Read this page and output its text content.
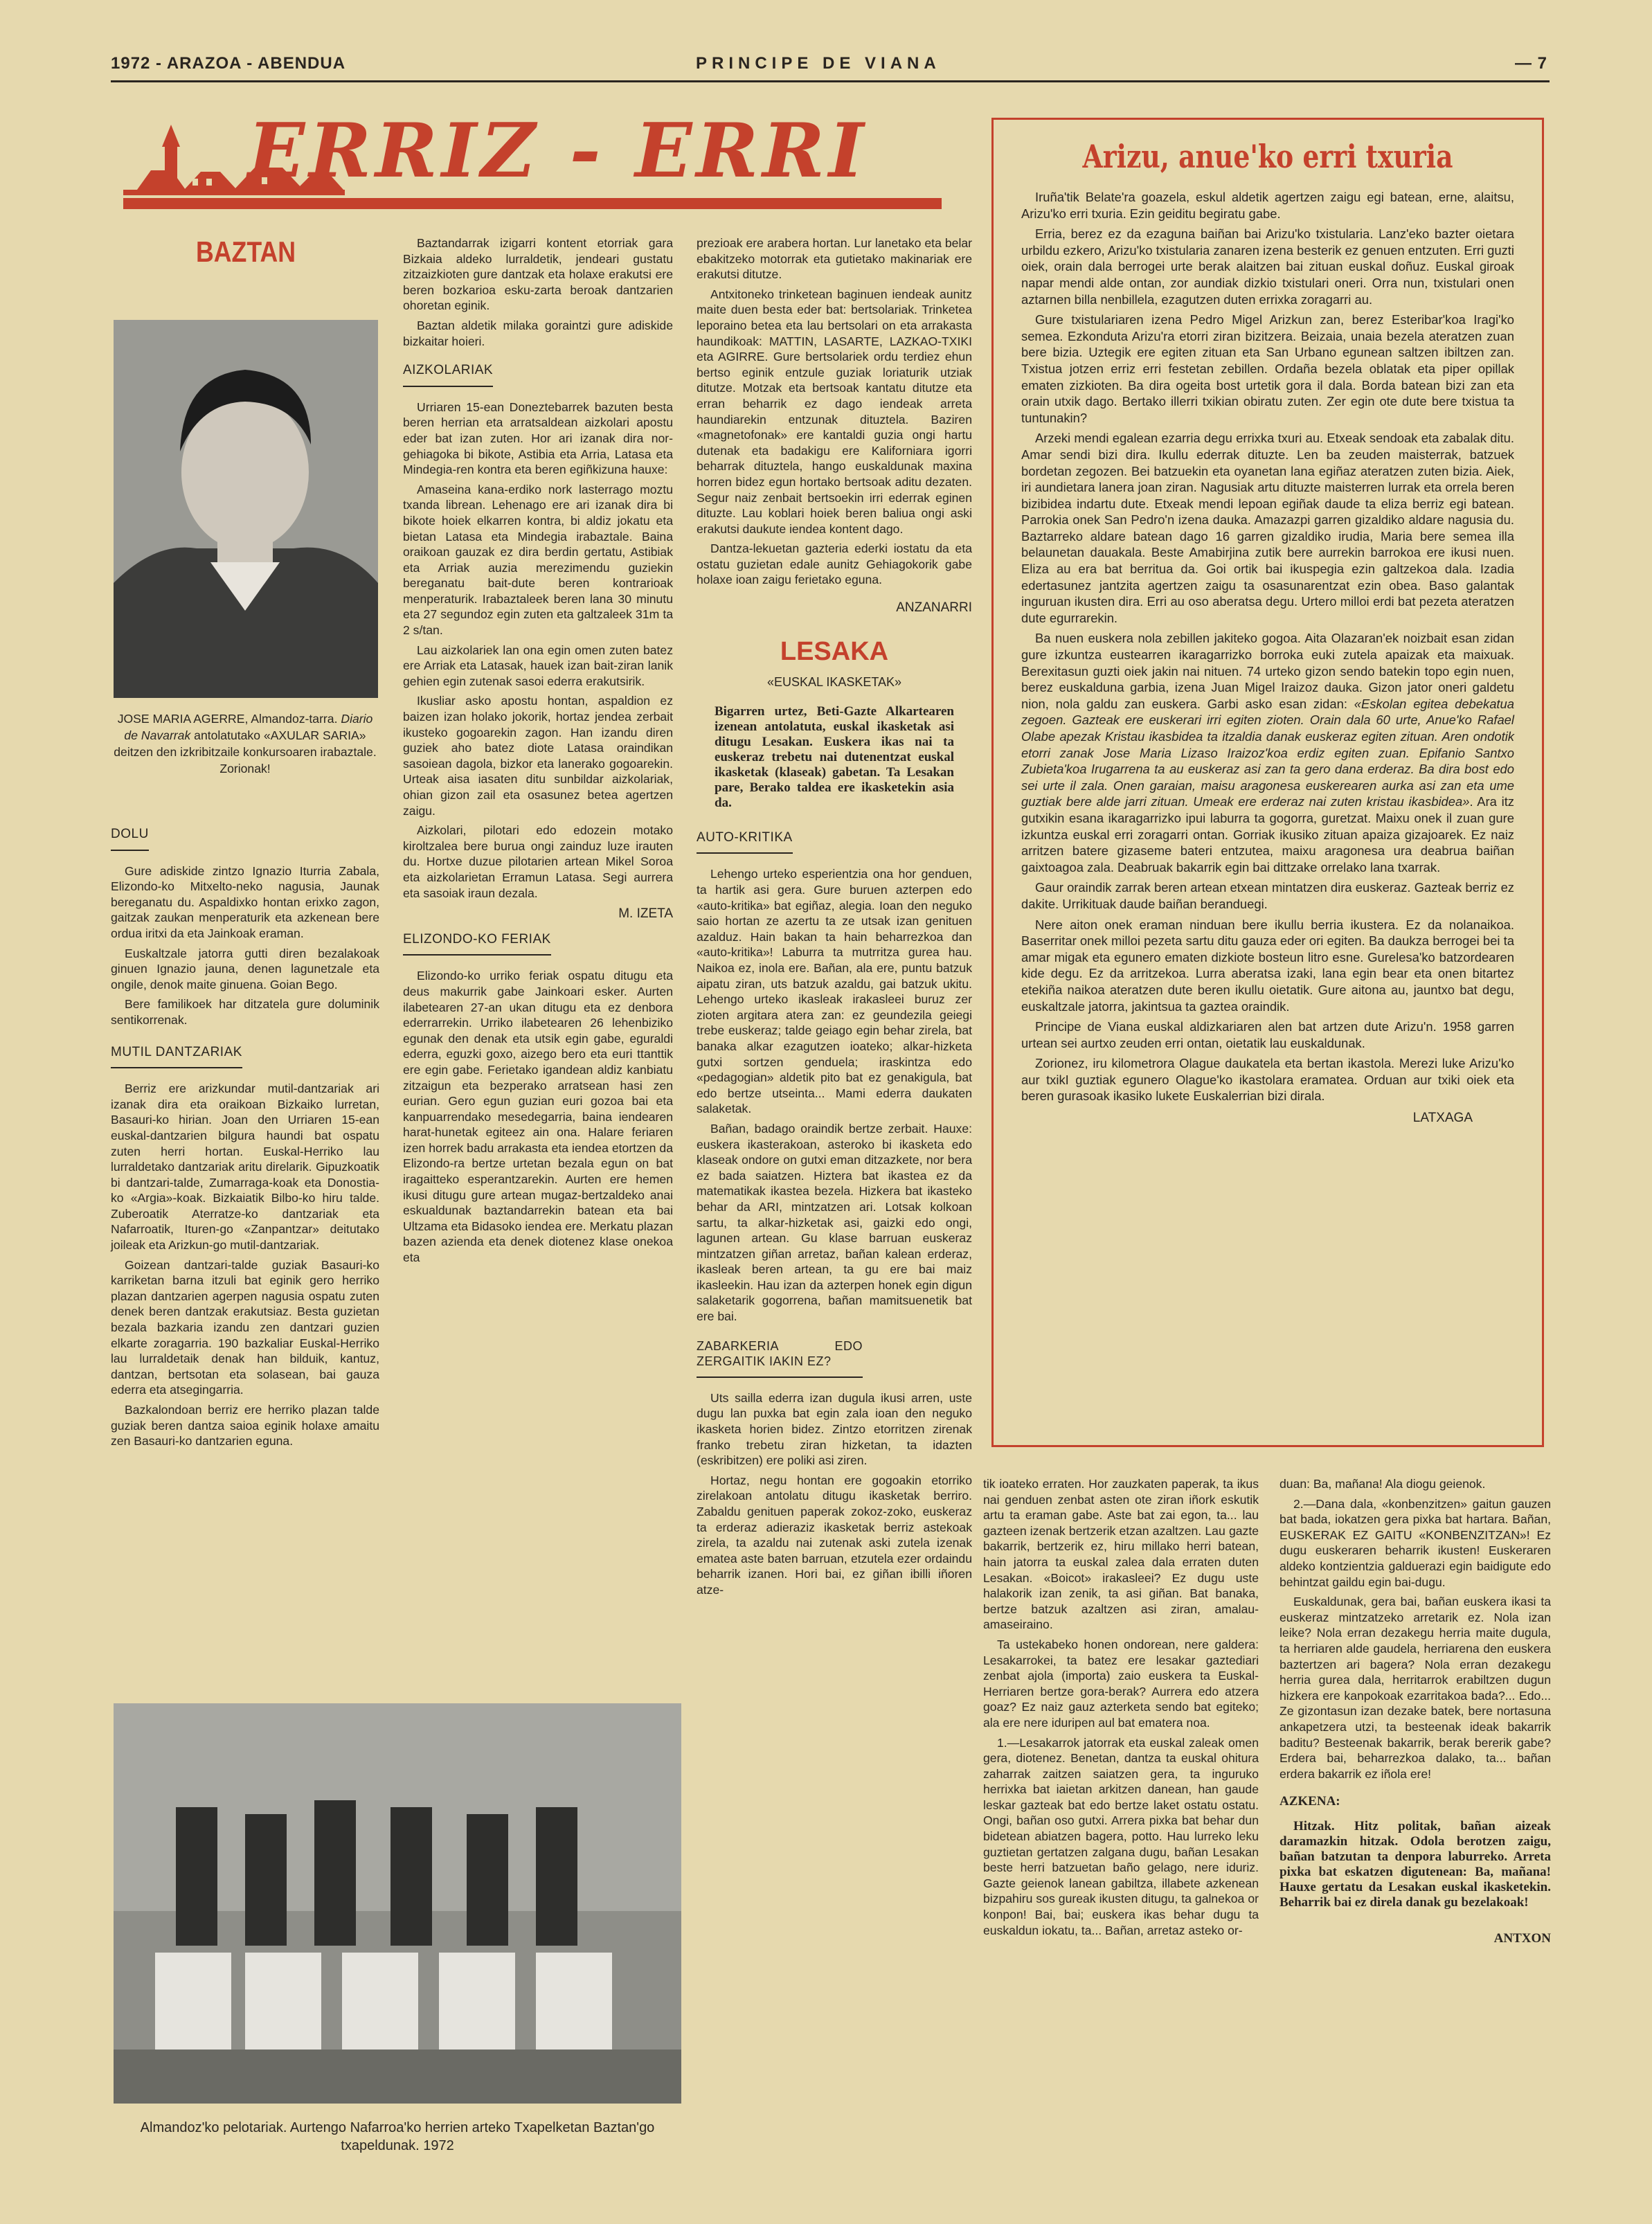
1972 - ARAZOA - ABENDUA	PRINCIPE DE VIANA	— 7
ERRIZ - ERRI
BAZTAN
JOSE MARIA AGERRE, Almandoz-tarra. Diario de Navarrak antolatutako «AXULAR SARIA» deitzen den izkribitzaile konkursoaren irabaztale. Zorionak!
DOLU

Gure adiskide zintzo Ignazio Iturria Zabala, Elizondo-ko Mitxelto-neko nagusia, Jaunak bereganatu du. Aspaldixko hontan erixko zagon, gaitzak zaukan menperaturik eta azkenean bere ordua iritxi da eta Jainkoak eraman.

Euskaltzale jatorra gutti diren bezalakoak ginuen Ignazio jauna, denen lagunetzale eta ongile, denok maite ginuena. Goian Bego.

Bere familikoek har ditzatela gure doluminik sentikorrenak.

MUTIL DANTZARIAK

Berriz ere arizkundar mutil-dantzariak ari izanak dira eta oraikoan Bizkaiko lurretan, Basauri-ko hirian. Joan den Urriaren 15-ean euskal-dantzarien bilgura haundi bat ospatu zuten herri hortan. Euskal-Herriko lau lurraldetako dantzariak aritu direlarik. Gipuzkoatik bi dantzari-talde, Zumarraga-koak eta Donostia-ko «Argia»-koak. Bizkaiatik Bilbo-ko hiru talde. Zuberoatik Aterratze-ko dantzariak eta Nafarroatik, Ituren-go «Zanpantzar» deitutako joileak eta Arizkun-go mutil-dantzariak.

Goizean dantzari-talde guziak Basauri-ko karriketan barna itzuli bat eginik gero herriko plazan dantzarien agerpen nagusia ospatu zuten denek beren dantzak erakutsiaz. Besta guzietan bezala bazkaria izandu zen dantzari guzien elkarte zoragarria. 190 bazkaliar Euskal-Herriko lau lurraldetaik denak han bilduik, kantuz, dantzan, bertsotan eta solasean, bai gauza ederra eta atsegingarria.

Bazkalondoan berriz ere herriko plazan talde guziak beren dantza saioa eginik holaxe amaitu zen Basauri-ko dantzarien eguna.

Baztandarrak izigarri kontent etorriak gara Bizkaia aldeko lurraldetik, jendeari gustatu zitzaizkioten gure dantzak eta holaxe erakutsi ere beren bozkarioa esku-zarta beroak dantzarien ohoretan eginik.

Baztan aldetik milaka goraintzi gure adiskide bizkaitar hoieri.

AIZKOLARIAK

Urriaren 15-ean Doneztebarrek bazuten besta beren herrian eta arratsaldean aizkolari apostu eder bat izan zuten. Hor ari izanak dira nor-gehiagoka bi bikote, Astibia eta Arria, Latasa eta Mindegia-ren kontra eta beren egiñkizuna hauxe:

Amaseina kana-erdiko nork lasterrago moztu txanda librean. Lehenago ere ari izanak dira bi bikote hoiek elkarren kontra, bi aldiz jokatu eta bietan Latasa eta Mindegia irabaztale. Baina oraikoan gauzak ez dira berdin gertatu, Astibiak eta Arriak auzia merezimendu guziekin bereganatu bait-dute beren kontrarioak menperaturik. Irabaztaleek beren lana 30 minutu eta 27 segundoz egin zuten eta galtzaleek 31m ta 2 s/tan.

Lau aizkolariek lan ona egin omen zuten batez ere Arriak eta Latasak, hauek izan bait-ziran lanik gehien egin zutenak sasoi ederra erakutsirik.

Ikusliar asko apostu hontan, aspaldion ez baizen izan holako jokorik, hortaz jendea zerbait ikusteko gogoarekin zagon. Han izandu diren guziek aho batez diote Latasa oraindikan sasoiean dagola, bizkor eta lanerako gogoarekin. Urteak aisa iasaten ditu sunbildar aizkolariak, ohian gizon zail eta osasunez betea agertzen zaigu.

Aizkolari, pilotari edo edozein motako kiroltzalea bere burua ongi zainduz luze irauten du. Hortxe duzue pilotarien artean Mikel Soroa eta aizkolarietan Erramun Latasa. Segi aurrera eta sasoiak iraun dezala.

M. IZETA
ELIZONDO-KO FERIAK

Elizondo-ko urriko feriak ospatu ditugu eta deus makurrik gabe Jainkoari esker. Aurten ilabetearen 27-an ukan ditugu eta ez denbora ederrarrekin. Urriko ilabetearen 26 lehenbiziko egunak den denak eta utsik egin gabe, eguraldi ederra, eguzki goxo, aizego bero eta euri ttanttik ere egin gabe. Ferietako igandean aldiz kanbiatu zitzaigun eta bezperako arratsean hasi zen eurian. Gero egun guzian euri gozoa bai eta kanpuarrendako mesedegarria, baina iendearen harat-hunetak egiteez ain ona. Halare feriaren izen horrek badu arrakasta eta iendea etortzen da Elizondo-ra bertze urtetan bezala egun on bat iragaitteko esperantzarekin. Aurten ere hemen ikusi ditugu gure artean mugaz-bertzaldeko anai eskualdunak baztandarrekin batean eta bai Ultzama eta Bidasoko iendea ere. Merkatu plazan bazen azienda eta denek diotenez klase onekoa eta

Almandoz'ko pelotariak. Aurtengo Nafarroa'ko herrien arteko Txapelketan Baztan'go txapeldunak. 1972

prezioak ere arabera hortan. Lur lanetako eta belar ebakitzeko motorrak eta gutietako makinariak ere erakutsi ditutze.

Antxitoneko trinketean baginuen iendeak aunitz maite duen besta eder bat: bertsolariak. Trinketea leporaino betea eta lau bertsolari on eta arrakasta haundikoak: MATTIN, LASARTE, LAZKAO-TXIKI eta AGIRRE. Gure bertsolariek ordu terdiez ehun bertso eginik entzule guziak loriaturik utziak ditutze. Motzak eta bertsoak kantatu ditutze eta erran beharrik ez dago iendeak arreta haundiarekin entzunak dituztela. Baziren «magnetofonak» ere kantaldi guzia ongi hartu dutenak eta badakigu ere Kaliforniara igorri beharrak dituztela, hango euskaldunak maxina horren bidez egun hortako bertsoak aditu dezaten. Segur naiz zenbait bertsoekin irri ederrak eginen dituzte. Lau koblari hoiek beren baliua ongi aski erakutsi daukute iendea kontent dago.

Dantza-lekuetan gazteria ederki iostatu da eta ostatu guzietan edale aunitz Gehiagokorik gabe holaxe ioan zaigu ferietako eguna.

ANZANARRI
LESAKA
«EUSKAL IKASKETAK»
Bigarren urtez, Beti-Gazte Alkartearen izenean antolatuta, euskal ikasketak asi ditugu Lesakan. Euskera ikas nai ta euskeraz trebetu nai dutenentzat euskal ikasketak (klaseak) gabetan. Ta Lesakan pare, Berako taldea ere ikasketekin asia da.
AUTO-KRITIKA

Lehengo urteko esperientzia ona hor genduen, ta hartik asi gera. Gure buruen azterpen edo «auto-kritika» bat egiñaz, alegia. Ioan den neguko saio hortan ze azertu ta ze utsak izan genituen azalduz. Hain bakan ta hain beharrezkoa dan «auto-kritika»! Laburra ta mutrritza gurea hau. Naikoa ez, inola ere. Bañan, ala ere, puntu batzuk aipatu ziran, uts batzuk azaldu, gai batzuk ukitu. Lehengo urteko ikasleak irakasleei buruz zer zioten argitara atera zan: ez geundezila geiegi trebe euskeraz; talde geiago egin behar zirela, bat banaka alkar ezagutzen ioateko; alkar-hizketa gutxi sortzen genduela; iraskintza edo «pedagogian» aldetik pito bat ez genakigula, bat edo bertze utseinta... Mami ederra daukaten salaketak.

Bañan, badago oraindik bertze zerbait. Hauxe: euskera ikasterakoan, asteroko bi ikasketa edo klaseak ondore on gutxi eman ditzazkete, nor bera ez bada saiatzen. Hiztera bat ikastea ez da matematikak ikastea bezela. Hizkera bat ikasteko behar da ARI, mintzatzen ari. Lotsak kolkoan sartu, ta alkar-hizketak asi, gaizki edo ongi, lagunen artean. Gu klase barruan euskeraz mintzatzen giñan arretaz, bañan kalean erderaz, ikasleak beren artean, ta gu ere bai maiz ikasleekin. Hau izan da azterpen honek egin digun salaketarik gogorrena, bañan mamitsuenetik bat ere bai.

ZABARKERIA EDO ZERGAITIK IAKIN EZ?

Uts sailla ederra izan dugula ikusi arren, uste dugu lan puxka bat egin zala ioan den neguko ikasketa horien bidez. Zintzo etorritzen zirenak franko trebetu ziran hizketan, ta idazten (eskribitzen) ere poliki asi ziren.

Hortaz, negu hontan ere gogoakin etorriko zirelakoan antolatu ditugu ikasketak berriro. Zabaldu genituen paperak zokoz-zoko, euskeraz ta erderaz adieraziz ikasketak berriz astekoak zirela, ta azaldu nai zutenak aski zutela izenak ematea aste baten barruan, etzutela ezer ordaindu beharrik izanen. Hori bai, ez giñan ibilli iñoren atze-

Arizu, anue'ko erri txuria

Iruña'tik Belate'ra goazela, eskul aldetik agertzen zaigu egi batean, erne, alaitsu, Arizu'ko erri txuria. Ezin geiditu begiratu gabe.

Erria, berez ez da ezaguna baiñan bai Arizu'ko txistularia. Lanz'eko bazter oietara urbildu ezkero, Arizu'ko txistularia zanaren izena besterik ez genuen entzuten. Erri guzti oiek, orain dala berrogei urte berak alaitzen bai zituan euskal doñuz. Euskal giroak napar mendi alde ontan, zor aundiak dizkio txistulari oneri. Orra nun, txistulari onen aztarnen billa nenbillela, ezagutzen duten errixka zoragarri au.

Gure txistulariaren izena Pedro Migel Arizkun zan, berez Esteribar'koa Iragi'ko semea. Ezkonduta Arizu'ra etorri ziran bizitzera. Beizaia, unaia bezela ateratzen zuan bere bizia. Uztegik ere egiten zituan eta San Urbano egunean saltzen ibiltzen zan. Txistua jotzen erriz erri festetan zebillen. Ordaña bezela oblatak eta piper opillak ematen zizkioten. Ba dira ogeita bost urtetik gora il dala. Borda batean bizi zan eta orain utxik dago. Bertako illerri txikian obiratu zuten. Zer egin ote dute bere txistua ta tuntunakin?

Arzeki mendi egalean ezarria degu errixka txuri au. Etxeak sendoak eta zabalak ditu. Amar sendi bizi dira. Ikullu ederrak dituzte. Len ba zeuden maisterrak, batzuek bordetan zegozen. Bei batzuekin eta oyanetan lana egiñaz ateratzen zuten bizia. Aiek, iri aundietara lanera joan ziran. Nagusiak artu dituzte maisterren lurrak eta orrela beren bizibidea indartu dute. Etxeak mendi lepoan egiñak daude ta eliza berriz egi batean. Parrokia onek San Pedro'n izena dauka. Amazazpi garren gizaldiko aldare nagusia du. Baztarreko aldare batean dago 16 garren gizaldiko irudia, Maria bere semea illa belaunetan dauakala. Beste Amabirjina zutik bere aurrekin barrokoa ere ikusi nuen. Eliza au era bat berritua da. Goi ortik bai ikuspegia ezin galtzekoa dala. Izadia edertasunez jantzita agertzen zaigu ta osasunarentzat ezin obea. Baso galantak inguruan ikusten dira. Erri au oso aberatsa degu. Urtero milloi erdi bat pezeta ateratzen dute egurrarekin.

Ba nuen euskera nola zebillen jakiteko gogoa. Aita Olazaran'ek noizbait esan zidan gure izkuntza eustearren ikaragarrizko borroka euki zutela apaizak eta maixuak. Berexitasun guzti oiek jakin nai nituen. 74 urteko gizon sendo batekin topo egin nuen, berez euskalduna garbia, izena Juan Migel Iraizoz dauka. Gizon jator oneri galdetu nion, nola galdu zan euskera. Garbi asko esan zidan: «Eskolan egitea debekatua zegoen. Gazteak ere euskerari irri egiten zioten. Orain dala 60 urte, Anue'ko Rafael Olabe apezak Kristau ikasbidea ta itzaldia danak euskeraz egiten zituan. Aren ondotik etorri zanak Jose Maria Lizaso Iraizoz'koa erdiz egiten zuan. Epifanio Santxo Zubieta'koa Irugarrena ta au euskeraz asi zan ta gero dana erderaz. Ba dira bost edo sei urte il zala. Onen garaian, maisu aragonesa euskerearen aurka asi zan eta ume guztiak bere alde jarri zituan. Umeak ere erderaz nai zuten kristau ikasbidea». Ara itz gutxikin esana ikaragarrizko ipui laburra ta gogorra, guretzat. Maixu onek il zuan gure izkuntza euskal erri zoragarri ontan. Gorriak ikusiko zituan apaiza gizajoarek. Ez naiz arritzen batere gizaseme bateri entzutea, maixu aragonesa ura deabrua baiñan gaixtoagoa zala. Deabruak bakarrik egin bai dittzake orrelako lana txarrak.

Gaur oraindik zarrak beren artean etxean mintatzen dira euskeraz. Gazteak berriz ez dakite. Urrikituak daude baiñan beranduegi.

Nere aiton onek eraman ninduan bere ikullu berria ikustera. Ez da nolanaikoa. Baserritar onek milloi pezeta sartu ditu gauza eder ori egiten. Ba daukza berrogei bei ta amar migak eta egunero ematen dizkiote bosteun litro esne. Gurelesa'ko batzordearen kide degu. Ez da arritzekoa. Lurra aberatsa izaki, lana egin bear eta onen bitartez etekiña naikoa ateratzen dute beren ikullu oietatik. Gure aitona au, jauntxo bat degu, euskaltzale jatorra, jakintsua ta gaztea oraindik.

Principe de Viana euskal aldizkariaren alen bat artzen dute Arizu'n. 1958 garren urtean sei aurtxo zeuden erri ontan, oietatik lau euskaldunak.

Zorionez, iru kilometrora Olague daukatela eta bertan ikastola. Merezi luke Arizu'ko aur txikI guztiak egunero Olague'ko ikastolara eramatea. Orduan aur txiki oiek eta beren gurasoak ikasiko lukete Euskalerrian bizi dirala.

LATXAGA

tik ioateko erraten. Hor zauzkaten paperak, ta ikus nai genduen zenbat asten ote ziran iñork eskutik artu ta eraman gabe. Aste bat zai egon, ta... lau gazteen izenak bertzerik etzan azaltzen. Lau gazte bakarrik, bertzerik ez, hiru millako herri batean, hain jatorra ta euskal zalea dala erraten duten Lesakan. «Boicot» irakasleei? Ez dugu uste halakorik izan zenik, ta asi giñan. Bat banaka, bertze batzuk azaltzen asi ziran, amalau-amaseiraino.

Ta ustekabeko honen ondorean, nere galdera: Lesakarrokei, ta batez ere lesakar gaztediari zenbat ajola (importa) zaio euskera ta Euskal-Herriaren bertze gora-berak? Aurrera edo atzera goaz? Ez naiz gauz azterketa sendo bat egiteko; ala ere nere iduripen aul bat ematera noa.

1.—Lesakarrok jatorrak eta euskal zaleak omen gera, diotenez. Benetan, dantza ta euskal ohitura zaharrak zaitzen saiatzen gera, ta inguruko herrixka bat iaietan arkitzen danean, han gaude leskar gazteak bat edo bertze laket ostatu ostatu. Ongi, bañan oso gutxi. Arrera pixka bat behar dun bidetean abiatzen bagera, potto. Hau lurreko leku guztietan gertatzen zalgana dugu, bañan Lesakan beste herri batzuetan baño gelago, nere iduriz. Gazte geienok lanean gabiltza, illabete azkenean bizpahiru sos gureak ikusten ditugu, ta galnekoa or konpon! Bai, bai; euskera ikas behar dugu ta euskaldun iokatu, ta... Bañan, arretaz asteko or-

duan: Ba, mañana! Ala diogu geienok.

2.—Dana dala, «konbenzitzen» gaitun gauzen bat bada, iokatzen gera pixka bat hartara. Bañan, EUSKERAK EZ GAITU «KONBENZITZAN»! Ez dugu euskeraren beharrik ikusten! Euskeraren aldeko kontzientzia galduerazi egin baidigute edo behintzat gaildu egin bai-dugu.

Euskaldunak, gera bai, bañan euskera ikasi ta euskeraz mintzatzeko arretarik ez. Nola izan leike? Nola erran dezakegu herria maite dugula, ta herriaren alde gaudela, herriarena den euskera baztertzen ari bagera? Nola erran dezakegu herria gurea dala, herritarrok erabiltzen dugun hizkera ere kanpokoak ezarritakoa bada?... Edo... Ze gizontasun izan dezake batek, bere nortasuna ankapetzera utzi, ta besteenak ideak bakarrik baditu? Besteenak bakarrik, berak bererik gabe? Erdera bai, beharrezkoa dalako, ta... bañan erdera bakarrik ez iñola ere!

AZKENA:
Hitzak. Hitz politak, bañan aizeak daramazkin hitzak. Odola berotzen zaigu, bañan batzutan ta denpora laburreko. Arreta pixka bat eskatzen digutenean: Ba, mañana! Hauxe gertatu da Lesakan euskal ikasketekin. Beharrik bai ez direla danak gu bezelakoak!
ANTXON
